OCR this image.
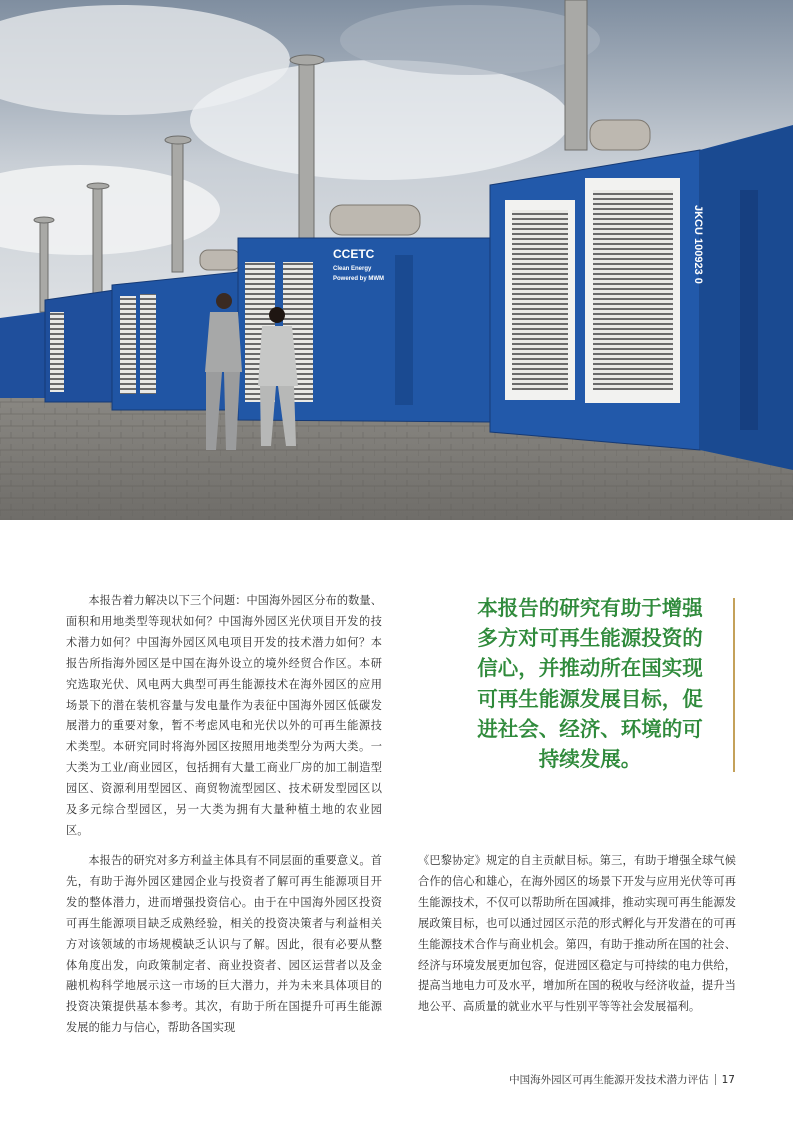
CCETC
Clean Energy
Powered by MWM	JKCU 100923 0

本报告着力解决以下三个问题：中国海外园区分布的数量、面积和用地类型等现状如何？中国海外园区光伏项目开发的技术潜力如何？中国海外园区风电项目开发的技术潜力如何？本报告所指海外园区是中国在海外设立的境外经贸合作区。本研究选取光伏、风电两大典型可再生能源技术在海外园区的应用场景下的潜在装机容量与发电量作为表征中国海外园区低碳发展潜力的重要对象，暂不考虑风电和光伏以外的可再生能源技术类型。本研究同时将海外园区按照用地类型分为两大类。一大类为工业/商业园区，包括拥有大量工商业厂房的加工制造型园区、资源利用型园区、商贸物流型园区、技术研发型园区以及多元综合型园区，另一大类为拥有大量种植土地的农业园区。

本报告的研究有助于增强多方对可再生能源投资的信心，并推动所在国实现可再生能源发展目标，促进社会、经济、环境的可持续发展。

本报告的研究对多方利益主体具有不同层面的重要意义。首先，有助于海外园区建园企业与投资者了解可再生能源项目开发的整体潜力，进而增强投资信心。由于在中国海外园区投资可再生能源项目缺乏成熟经验，相关的投资决策者与利益相关方对该领域的市场规模缺乏认识与了解。因此，很有必要从整体角度出发，向政策制定者、商业投资者、园区运营者以及金融机构科学地展示这一市场的巨大潜力，并为未来具体项目的投资决策提供基本参考。其次，有助于所在国提升可再生能源发展的能力与信心，帮助各国实现

《巴黎协定》规定的自主贡献目标。第三，有助于增强全球气候合作的信心和雄心，在海外园区的场景下开发与应用光伏等可再生能源技术，不仅可以帮助所在国减排，推动实现可再生能源发展政策目标，也可以通过园区示范的形式孵化与开发潜在的可再生能源技术合作与商业机会。第四，有助于推动所在国的社会、经济与环境发展更加包容，促进园区稳定与可持续的电力供给，提高当地电力可及水平，增加所在国的税收与经济收益，提升当地公平、高质量的就业水平与性别平等等社会发展福利。

中国海外园区可再生能源开发技术潜力评估 17
